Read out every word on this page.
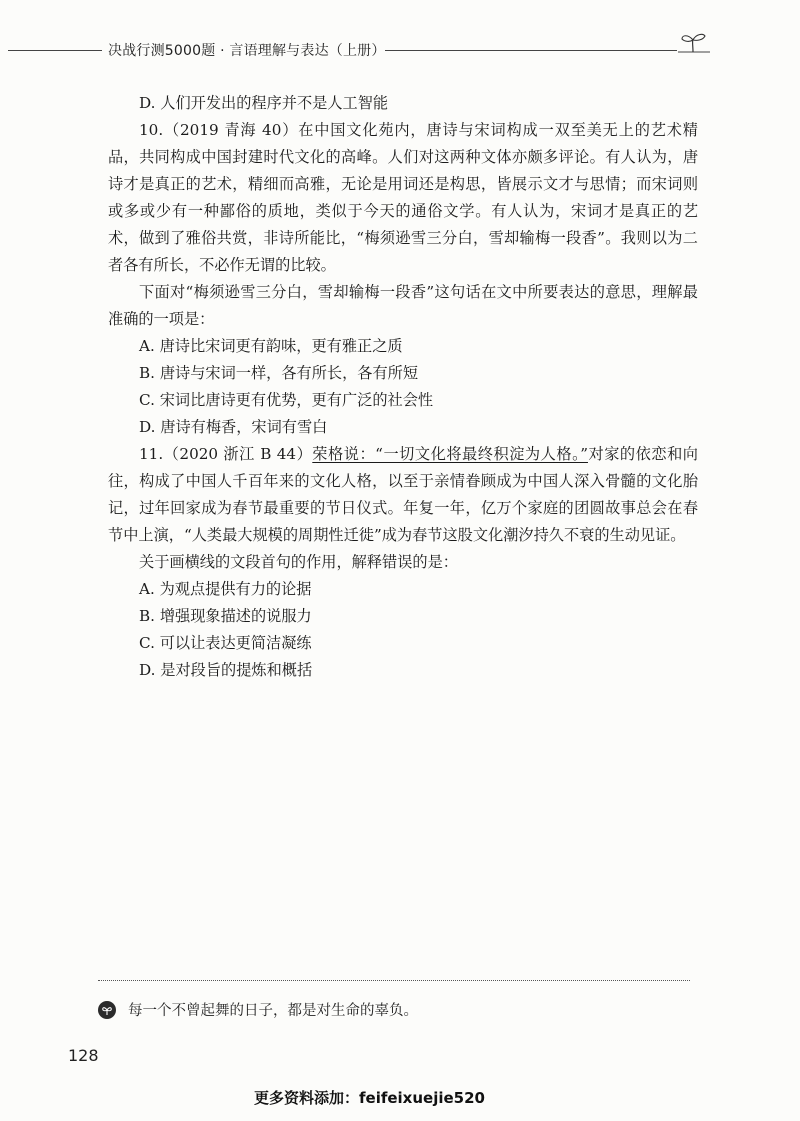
决战行测5000题 · 言语理解与表达（上册）

D. 人们开发出的程序并不是人工智能

10.（2019 青海 40）在中国文化苑内，唐诗与宋词构成一双至美无上的艺术精品，共同构成中国封建时代文化的高峰。人们对这两种文体亦颇多评论。有人认为，唐诗才是真正的艺术，精细而高雅，无论是用词还是构思，皆展示文才与思情；而宋词则或多或少有一种鄙俗的质地，类似于今天的通俗文学。有人认为，宋词才是真正的艺术，做到了雅俗共赏，非诗所能比，“梅须逊雪三分白，雪却输梅一段香”。我则以为二者各有所长，不必作无谓的比较。

下面对“梅须逊雪三分白，雪却输梅一段香”这句话在文中所要表达的意思，理解最准确的一项是：

A. 唐诗比宋词更有韵味，更有雅正之质

B. 唐诗与宋词一样，各有所长，各有所短

C. 宋词比唐诗更有优势，更有广泛的社会性

D. 唐诗有梅香，宋词有雪白

11.（2020 浙江 B 44）荣格说：“一切文化将最终积淀为人格。”对家的依恋和向往，构成了中国人千百年来的文化人格，以至于亲情眷顾成为中国人深入骨髓的文化胎记，过年回家成为春节最重要的节日仪式。年复一年，亿万个家庭的团圆故事总会在春节中上演，“人类最大规模的周期性迁徙”成为春节这股文化潮汐持久不衰的生动见证。

关于画横线的文段首句的作用，解释错误的是：

A. 为观点提供有力的论据

B. 增强现象描述的说服力

C. 可以让表达更简洁凝练

D. 是对段旨的提炼和概括

每一个不曾起舞的日子，都是对生命的辜负。
128
更多资料添加：feifeixuejie520
